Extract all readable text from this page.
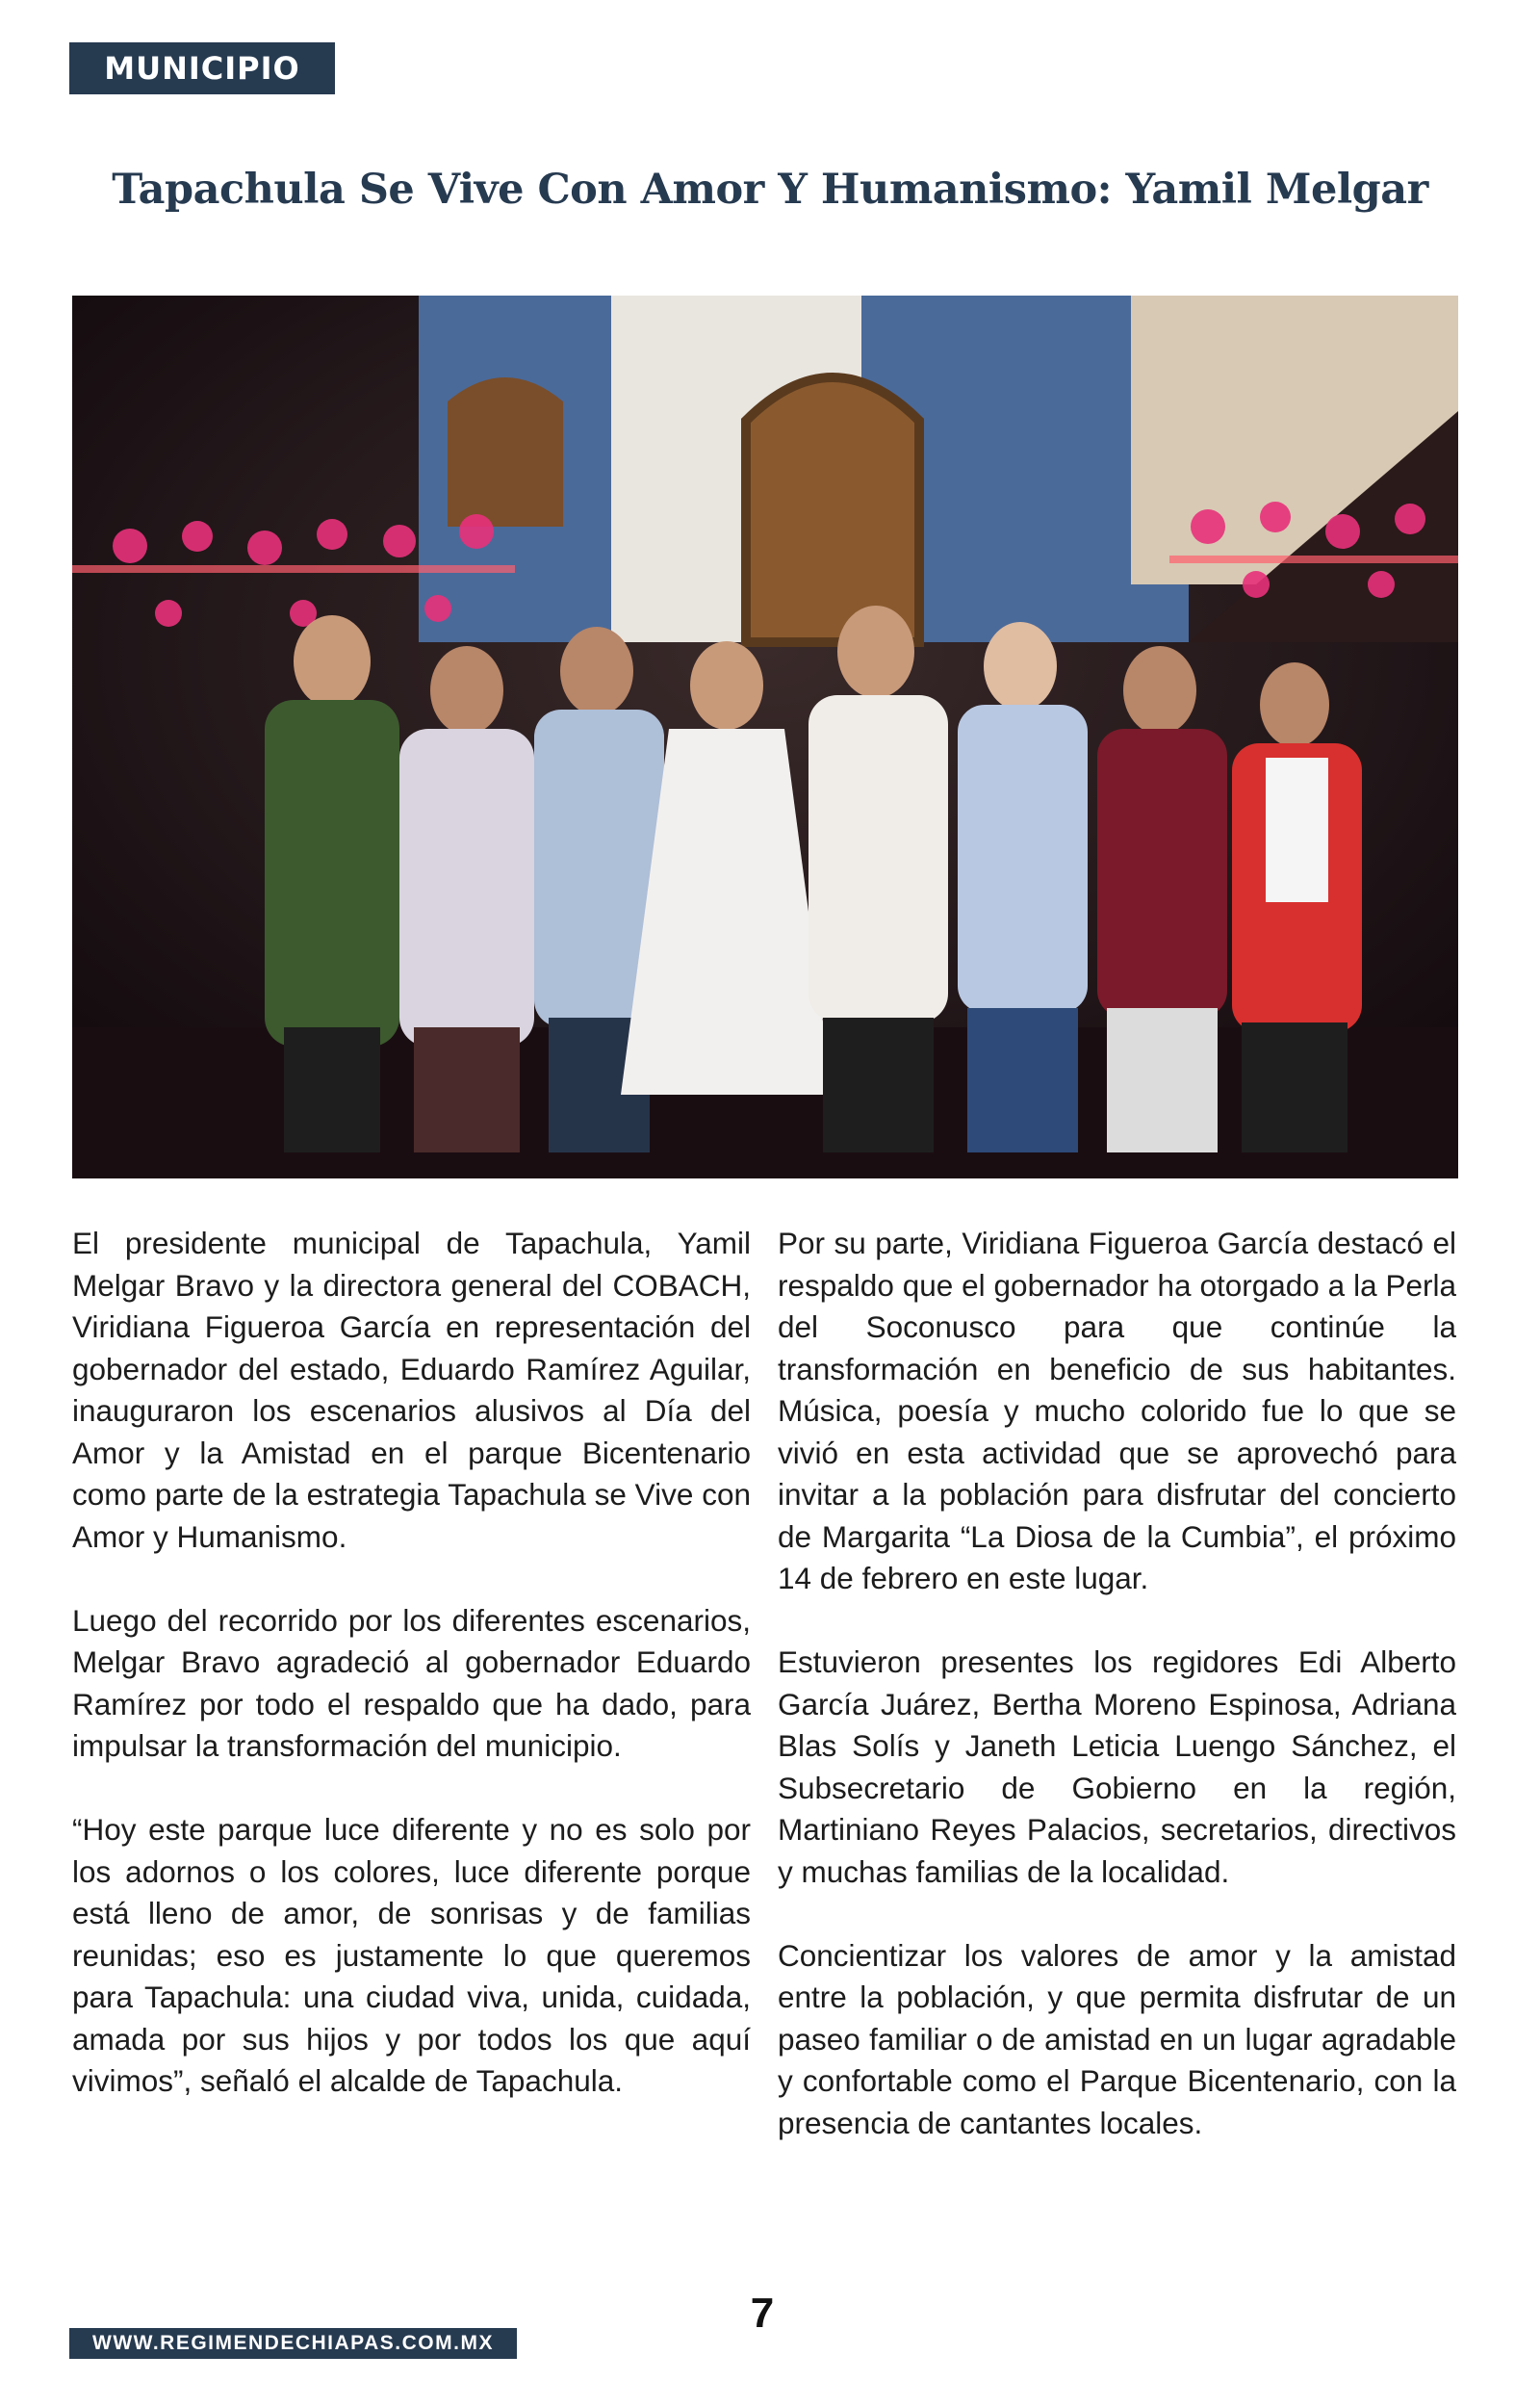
MUNICIPIO
Tapachula Se Vive Con Amor Y Humanismo: Yamil Melgar

El presidente municipal de Tapachula, Yamil Melgar Bravo y la directora general del COBACH, Viridiana Figueroa García en representación del gobernador del estado, Eduardo Ramírez Aguilar, inauguraron los escenarios alusivos al Día del Amor y la Amistad en el parque Bicentenario como parte de la estrategia Tapachula se Vive con Amor y Humanismo.

Luego del recorrido por los diferentes escenarios, Melgar Bravo agradeció al gobernador Eduardo Ramírez por todo el respaldo que ha dado, para impulsar la transformación del municipio.

“Hoy este parque luce diferente y no es solo por los adornos o los colores, luce diferente porque está lleno de amor, de sonrisas y de familias reunidas; eso es justamente lo que queremos para Tapachula: una ciudad viva, unida, cuidada, amada por sus hijos y por todos los que aquí vivimos”, señaló el alcalde de Tapachula.

Por su parte, Viridiana Figueroa García destacó el respaldo que el gobernador ha otorgado a la Perla del Soconusco para que continúe la transformación en beneficio de sus habitantes. Música, poesía y mucho colorido fue lo que se vivió en esta actividad que se aprovechó para invitar a la población para disfrutar del concierto de Margarita “La Diosa de la Cumbia”, el próximo 14 de febrero en este lugar.

Estuvieron presentes los regidores Edi Alberto García Juárez, Bertha Moreno Espinosa, Adriana Blas Solís y Janeth Leticia Luengo Sánchez, el Subsecretario de Gobierno en la región, Martiniano Reyes Palacios, secretarios, directivos y muchas familias de la localidad.

Concientizar los valores de amor y la amistad entre la población, y que permita disfrutar de un paseo familiar o de amistad en un lugar agradable y confortable como el Parque Bicentenario, con la presencia de cantantes locales.

7
WWW.REGIMENDECHIAPAS.COM.MX
